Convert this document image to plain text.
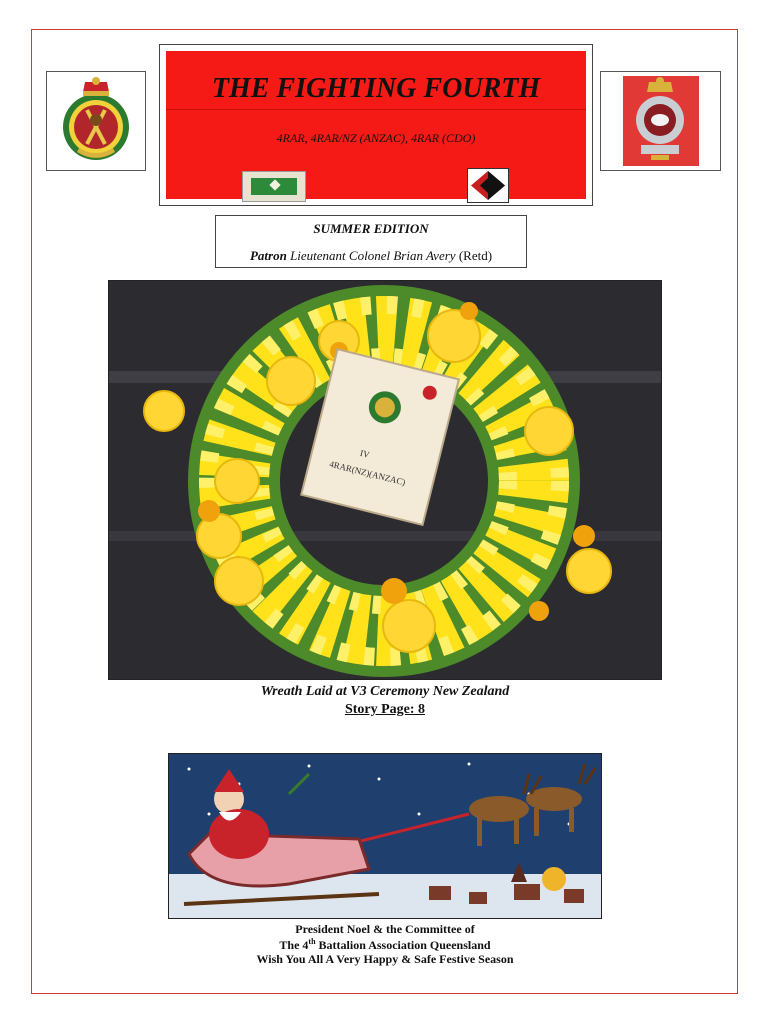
THE FIGHTING FOURTH
4RAR, 4RAR/NZ (ANZAC), 4RAR (CDO)
SUMMER EDITION
Patron Lieutenant Colonel Brian Avery (Retd)
IV
4RAR(NZ)(ANZAC)
Wreath Laid at V3 Ceremony New Zealand
Story Page: 8
President Noel & the Committee of
The 4th Battalion Association Queensland
Wish You All A Very Happy & Safe Festive Season
